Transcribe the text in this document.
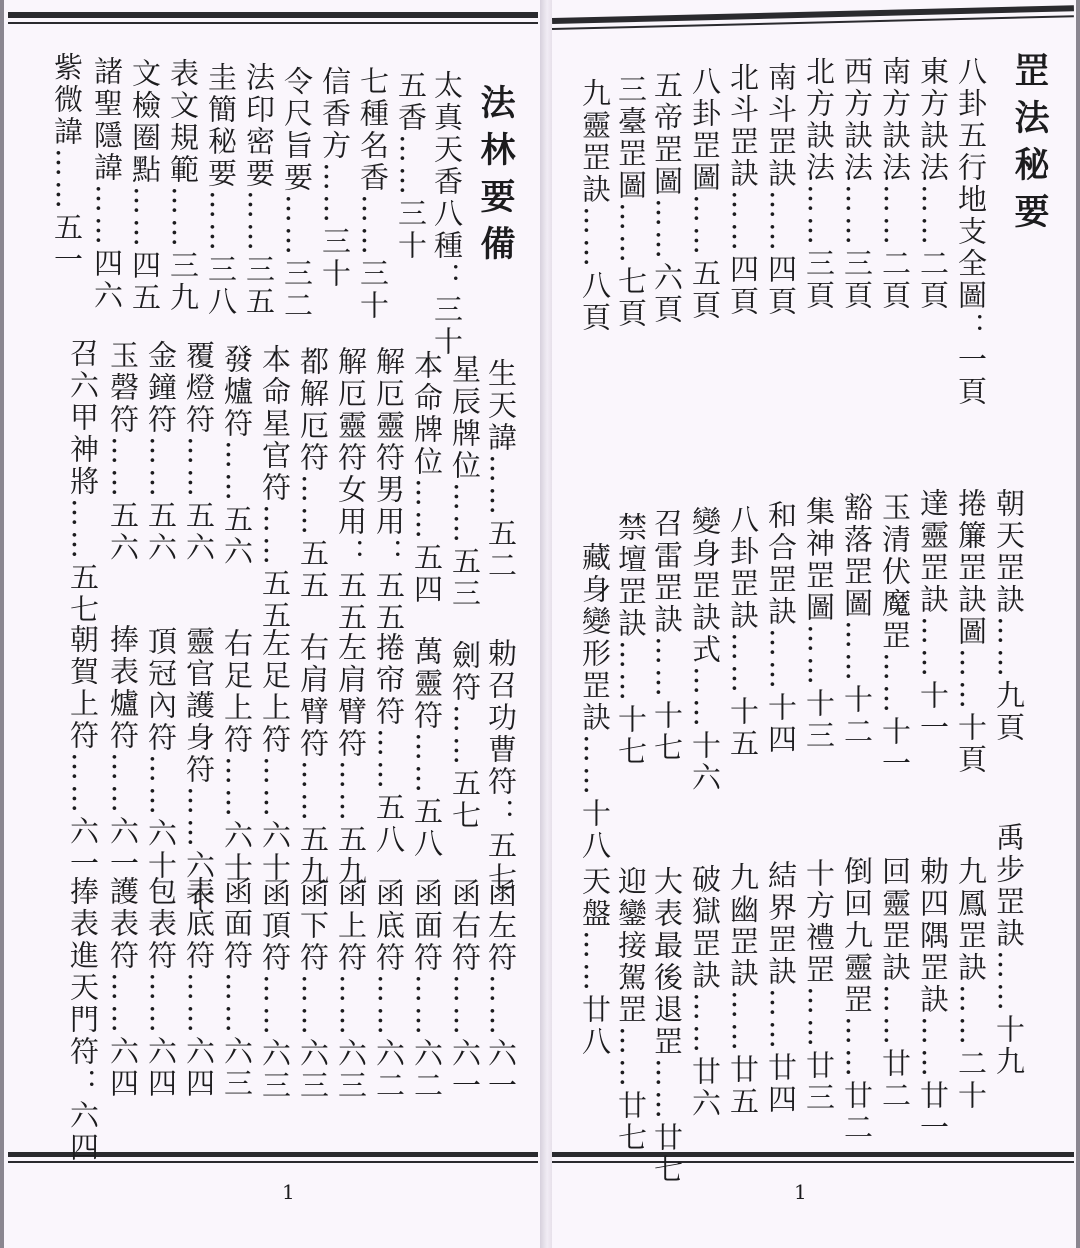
罡法秘要
八卦五行地支全圖：一頁
東方訣法……二頁
南方訣法……二頁
西方訣法……三頁
北方訣法……三頁
南斗罡訣……四頁
北斗罡訣……四頁
八卦罡圖……五頁
五帝罡圖……六頁
三臺罡圖……七頁
九靈罡訣……八頁
朝天罡訣……九頁
捲簾罡訣圖……十頁
達靈罡訣……十一
玉清伏魔罡……十一
豁落罡圖……十二
集神罡圖……十三
和合罡訣……十四
八卦罡訣……十五
變身罡訣式……十六
召雷罡訣……十七
禁壇罡訣……十七
藏身變形罡訣……十八
禹步罡訣……十九
九鳳罡訣……二十
勅四隅罡訣……廿一
回靈罡訣……廿二
倒回九靈罡……廿二
十方禮罡……廿三
結界罡訣……廿四
九幽罡訣……廿五
破獄罡訣……廿六
大表最後退罡……廿七
迎鑾接駕罡……廿七
天盤……廿八
1
法林要備
太真天香八種：三十
五香……三十
七種名香……三十
信香方……三十
令尺旨要……三二
法印密要……三五
圭簡秘要……三八
表文規範……三九
文檢圈點……四五
諸聖隱諱……四六
紫微諱……五一
生天諱……五二
星辰牌位……五三
本命牌位……五四
解厄靈符男用：五五
解厄靈符女用：五五
都解厄符……五五
本命星官符……五五
發爐符……五六
覆燈符……五六
金鐘符……五六
玉磬符……五六
召六甲神將……五七
勅召功曹符：五七
劍符……五七
萬靈符……五八
捲帘符……五八
左肩臂符……五九
右肩臂符……五九
左足上符……六十
右足上符……六十
靈官護身符……六十
頂冠內符……六十
捧表爐符……六一
朝賀上符……六一
函左符……六一
函右符……六一
函面符……六二
函底符……六二
函上符……六三
函下符……六三
函頂符……六三
函面符……六三
表底符……六四
包表符……六四
護表符……六四
捧表進天門符：六四
1
